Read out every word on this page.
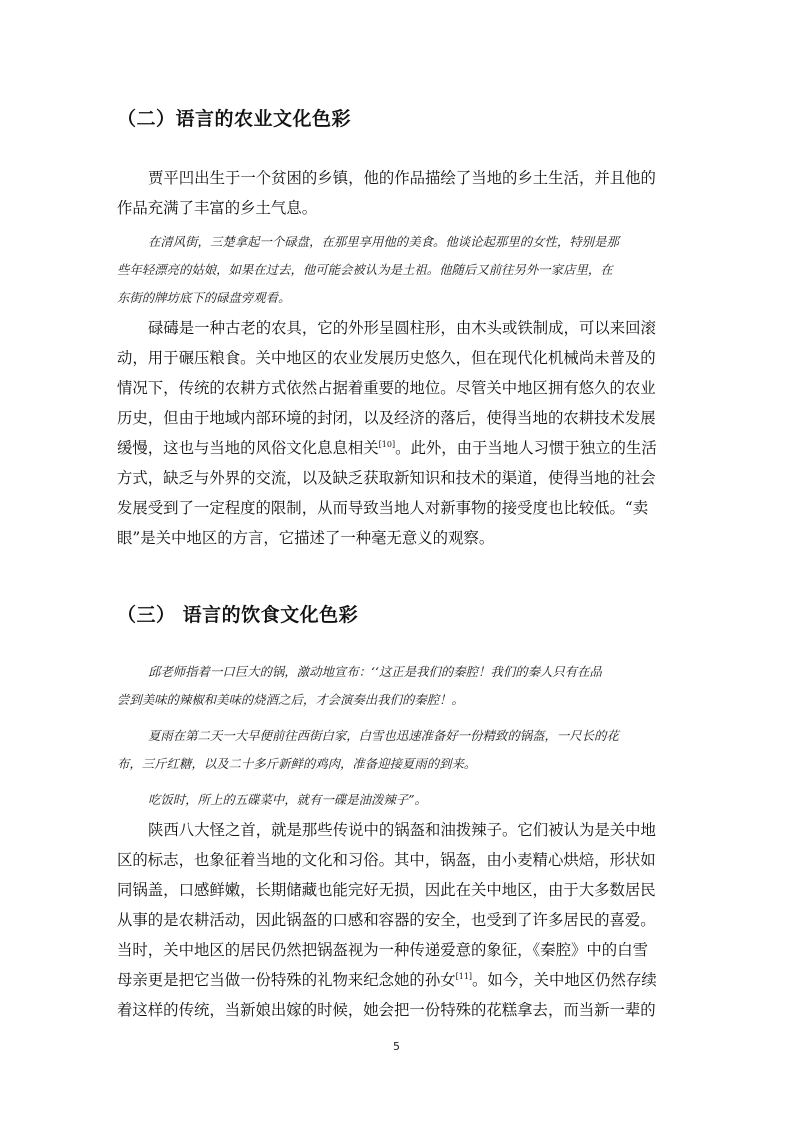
（二）语言的农业文化色彩
贾平凹出生于一个贫困的乡镇，他的作品描绘了当地的乡土生活，并且他的
作品充满了丰富的乡土气息。
在清风街，三楚拿起一个碌盘，在那里享用他的美食。他谈论起那里的女性，特别是那
些年轻漂亮的姑娘，如果在过去，他可能会被认为是土祖。他随后又前往另外一家店里，在
东街的牌坊底下的碌盘旁观看。
碌碡是一种古老的农具，它的外形呈圆柱形，由木头或铁制成，可以来回滚
动，用于碾压粮食。关中地区的农业发展历史悠久，但在现代化机械尚未普及的
情况下，传统的农耕方式依然占据着重要的地位。尽管关中地区拥有悠久的农业
历史，但由于地域内部环境的封闭，以及经济的落后，使得当地的农耕技术发展
缓慢，这也与当地的风俗文化息息相关[10]。此外，由于当地人习惯于独立的生活
方式，缺乏与外界的交流，以及缺乏获取新知识和技术的渠道，使得当地的社会
发展受到了一定程度的限制，从而导致当地人对新事物的接受度也比较低。“卖
眼”是关中地区的方言，它描述了一种毫无意义的观察。
（三） 语言的饮食文化色彩
邱老师指着一口巨大的锅，激动地宣布：‘‘这正是我们的秦腔！我们的秦人只有在品
尝到美味的辣椒和美味的烧酒之后，才会演奏出我们的秦腔！。
夏雨在第二天一大早便前往西街白家，白雪也迅速准备好一份精致的锅盔，一尺长的花
布，三斤红糖，以及二十多斤新鲜的鸡肉，准备迎接夏雨的到来。
吃饭时，所上的五碟菜中，就有一碟是油泼辣子”。
陕西八大怪之首，就是那些传说中的锅盔和油拨辣子。它们被认为是关中地
区的标志，也象征着当地的文化和习俗。其中，锅盔，由小麦精心烘焙，形状如
同锅盖，口感鲜嫩，长期储藏也能完好无损，因此在关中地区，由于大多数居民
从事的是农耕活动，因此锅盔的口感和容器的安全，也受到了许多居民的喜爱。
当时，关中地区的居民仍然把锅盔视为一种传递爱意的象征，《秦腔》中的白雪
母亲更是把它当做一份特殊的礼物来纪念她的孙女[11]。如今，关中地区仍然存续
着这样的传统，当新娘出嫁的时候，她会把一份特殊的花糕拿去，而当新一辈的
5
